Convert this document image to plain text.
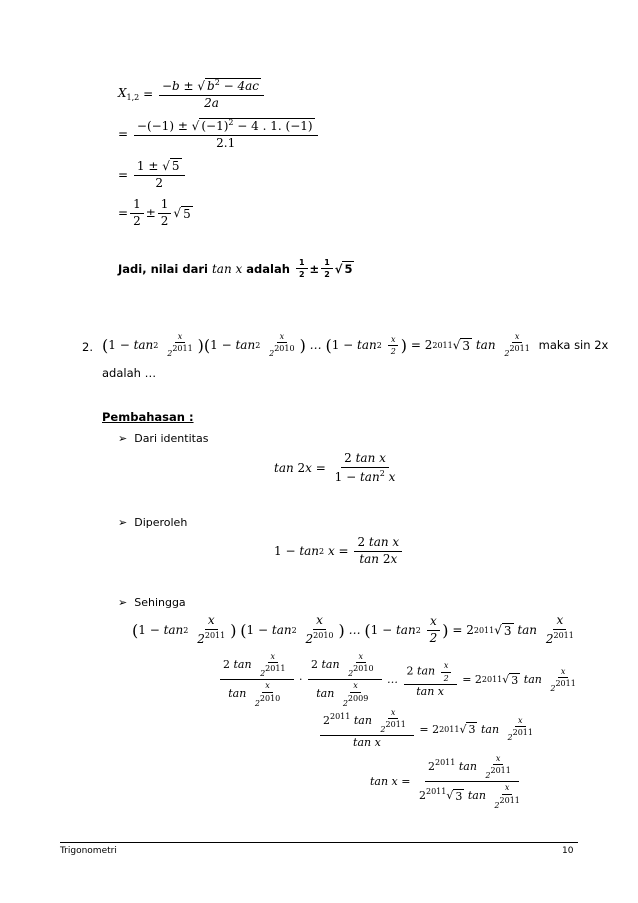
$X_{1,2} = \frac{-b \pm √ b^2 - 4ac}{2a}$
=
$\frac{-(-1) \pm √ (-1)^2 - 4 . 1. (-1)}{2.1}$
=
$\frac{1 \pm √ 5}{2}$
= $\frac{1}{2} \pm \frac{1}{2}$ √ 5
Jadi, nilai dari
tan x
adalah
$\frac{1}{2} \pm \frac{1}{2}$ √ 5
2. ( 1 − tan 2
$\frac{x}{22011}$ )( 1 − tan 2
$\frac{x}{22010}$ ) … ( 1 − tan 2
$\frac{x}{2}$ )
= 2 2011 √ 3 $\tan \frac{x}{22011}$
maka sin 2x
adalah …
Pembahasan :
➢ Dari identitas
tan 2 x =
$\frac{\text{2 tan x}}{1 - \tan^2 x}$
➢ Diperoleh
1 − tan 2 x =
$\frac{\text{2 tan x}}{\tan 2x}$
➢ Sehingga
( 1 − tan 2
$\frac{x}{2^{2011}}$ )
( 1 − tan 2
$\frac{x}{2^{2010}}$ ) … ( 1 − tan 2
$\frac{x}{2}$ )
= 2 2011 √ 3 $\tan \frac{x}{2^{2011}}$
$\frac{2 \tan \frac{x}{22011}}{\tan \frac{x}{22010}}$
·
$\frac{2 \tan \frac{x}{22010}}{\tan \frac{x}{22009}}$ … $\frac{2 \tan \frac{x}{2}}{\text{tan x}}$
= 2 2011 √ 3 $\tan \frac{x}{22011}$
$\frac{2^{2011} \tan \frac{x}{22011}}{\text{tan x}}$
= 2 2011 √ 3 $\tan \frac{x}{22011}$
tan x =
$\frac{2^{2011} \tan \frac{x}{22011}}{2^{2011}√ 3 \tan \frac{x}{22011}}$
Trigonometri	10
